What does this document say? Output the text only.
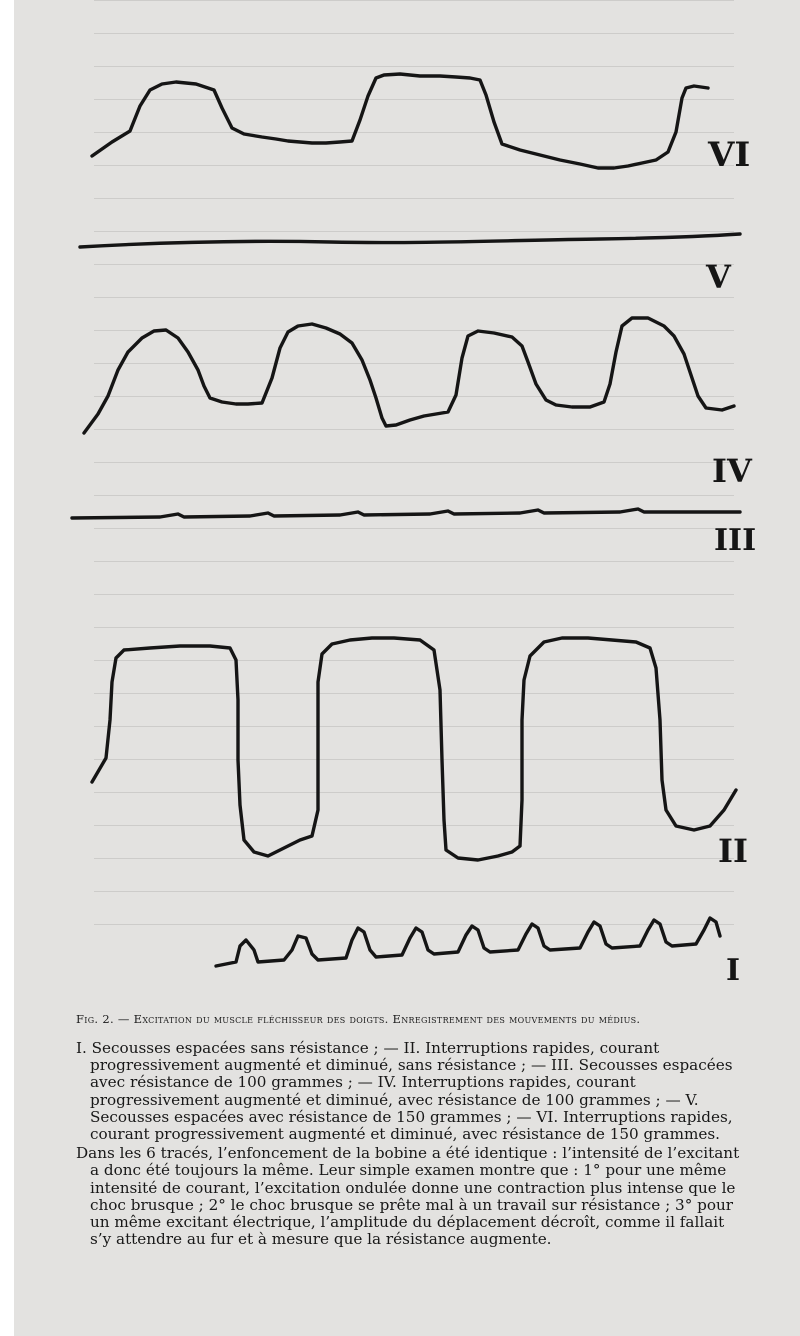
VI
V
IV
III
II
I
Fig. 2. — Excitation du muscle fléchisseur des doigts. Enregistrement des mouvements du médius.

I. Secousses espacées sans résistance ; — II. Interruptions rapides, courant progressivement augmenté et diminué, sans résistance ; — III. Secousses espacées avec résistance de 100 grammes ; — IV. Interruptions rapides, courant progressivement augmenté et diminué, avec résistance de 100 grammes ; — V. Secousses espacées avec résistance de 150 grammes ; — VI. Interruptions rapides, courant progressivement augmenté et diminué, avec résistance de 150 grammes.

Dans les 6 tracés, l’enfoncement de la bobine a été identique : l’intensité de l’excitant a donc été toujours la même. Leur simple examen montre que : 1° pour une même intensité de courant, l’excitation ondulée donne une contraction plus intense que le choc brusque ; 2° le choc brusque se prête mal à un travail sur résistance ; 3° pour un même excitant électrique, l’amplitude du déplacement décroît, comme il fallait s’y attendre au fur et à mesure que la résistance augmente.
